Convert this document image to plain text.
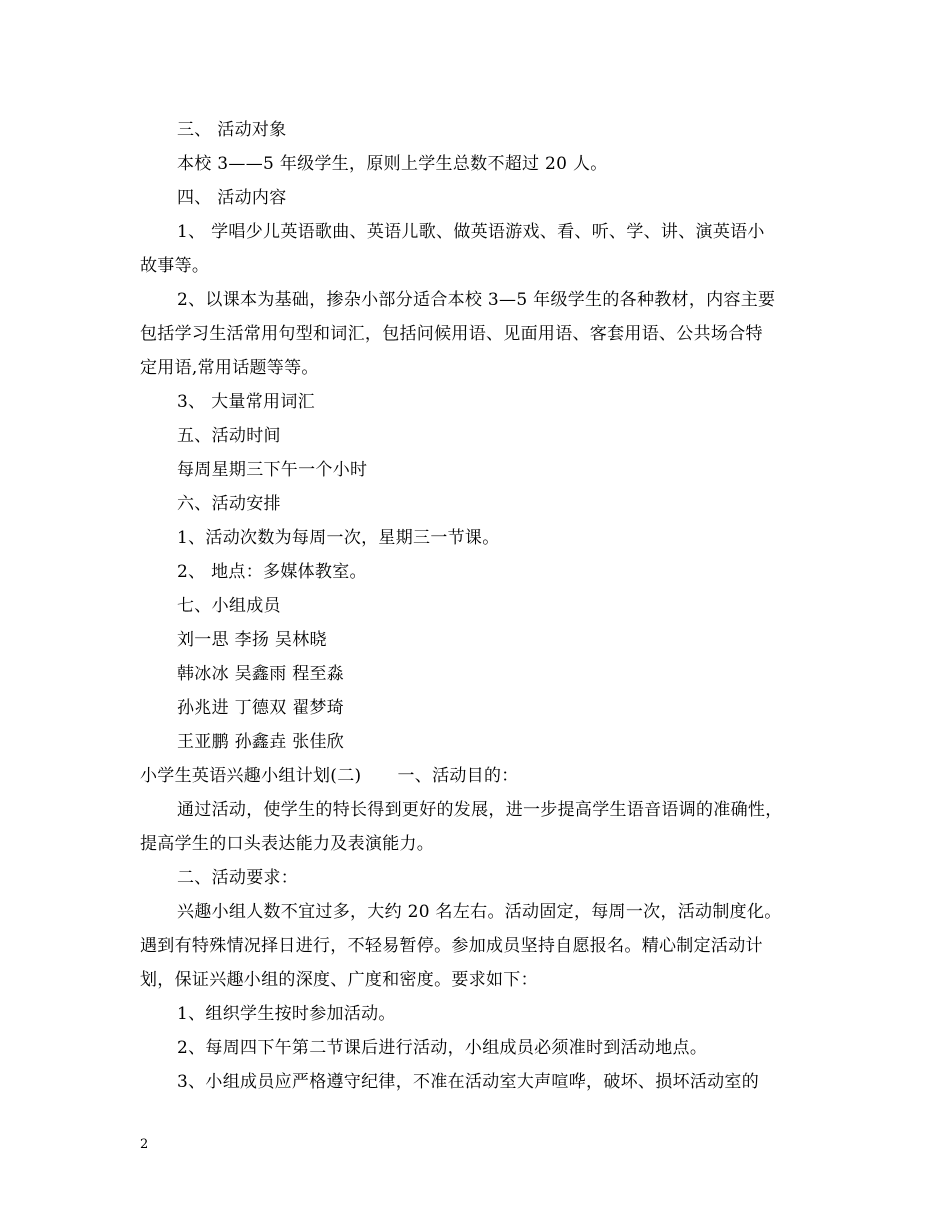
三、 活动对象
本校 3——5 年级学生，原则上学生总数不超过 20 人。
四、 活动内容
1、 学唱少儿英语歌曲、英语儿歌、做英语游戏、看、听、学、讲、演英语小
故事等。
2、以课本为基础，掺杂小部分适合本校 3—5 年级学生的各种教材，内容主要
包括学习生活常用句型和词汇，包括问候用语、见面用语、客套用语、公共场合特
定用语,常用话题等等。
3、 大量常用词汇
五、活动时间
每周星期三下午一个小时
六、活动安排
1、活动次数为每周一次，星期三一节课。
2、 地点：多媒体教室。
七、小组成员
刘一思 李扬 吴林晓
韩冰冰 吴鑫雨 程至淼
孙兆进 丁德双 翟梦琦
王亚鹏 孙鑫垚 张佳欣
小学生英语兴趣小组计划(二) 一、活动目的：
通过活动，使学生的特长得到更好的发展，进一步提高学生语音语调的准确性，
提高学生的口头表达能力及表演能力。
二、活动要求：
兴趣小组人数不宜过多，大约 20 名左右。活动固定，每周一次，活动制度化。
遇到有特殊情况择日进行，不轻易暂停。参加成员坚持自愿报名。精心制定活动计
划，保证兴趣小组的深度、广度和密度。要求如下：
1、组织学生按时参加活动。
2、每周四下午第二节课后进行活动，小组成员必须准时到活动地点。
3、小组成员应严格遵守纪律，不准在活动室大声喧哗，破坏、损坏活动室的
2
